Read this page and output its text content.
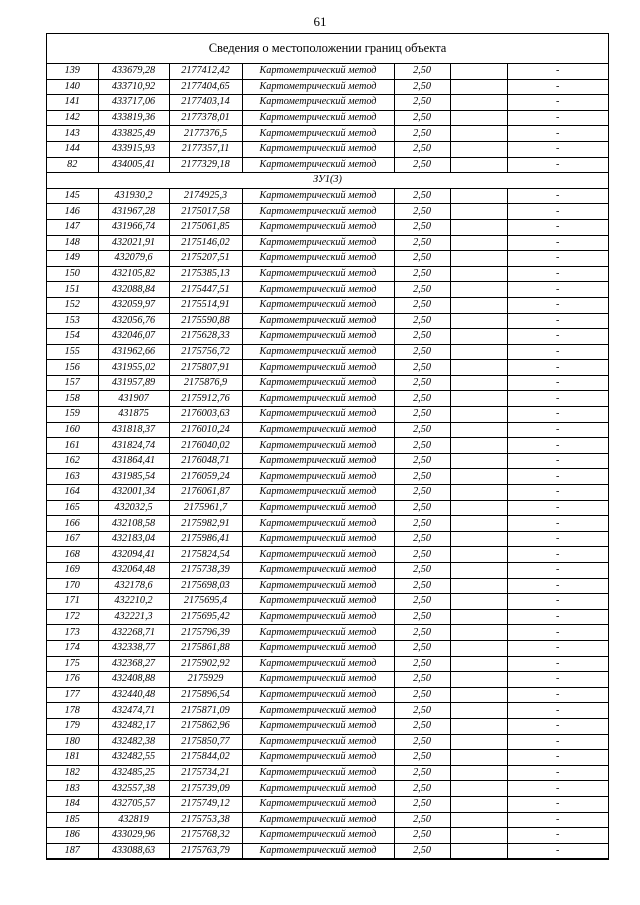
61
Сведения о местоположении границ объекта
139	433679,28	2177412,42	Картометрический метод	2,50		-
140	433710,92	2177404,65	Картометрический метод	2,50		-
141	433717,06	2177403,14	Картометрический метод	2,50		-
142	433819,36	2177378,01	Картометрический метод	2,50		-
143	433825,49	2177376,5	Картометрический метод	2,50		-
144	433915,93	2177357,11	Картометрический метод	2,50		-
82	434005,41	2177329,18	Картометрический метод	2,50		-
ЗУ1(3)						
145	431930,2	2174925,3	Картометрический метод	2,50		-
146	431967,28	2175017,58	Картометрический метод	2,50		-
147	431966,74	2175061,85	Картометрический метод	2,50		-
148	432021,91	2175146,02	Картометрический метод	2,50		-
149	432079,6	2175207,51	Картометрический метод	2,50		-
150	432105,82	2175385,13	Картометрический метод	2,50		-
151	432088,84	2175447,51	Картометрический метод	2,50		-
152	432059,97	2175514,91	Картометрический метод	2,50		-
153	432056,76	2175590,88	Картометрический метод	2,50		-
154	432046,07	2175628,33	Картометрический метод	2,50		-
155	431962,66	2175756,72	Картометрический метод	2,50		-
156	431955,02	2175807,91	Картометрический метод	2,50		-
157	431957,89	2175876,9	Картометрический метод	2,50		-
158	431907	2175912,76	Картометрический метод	2,50		-
159	431875	2176003,63	Картометрический метод	2,50		-
160	431818,37	2176010,24	Картометрический метод	2,50		-
161	431824,74	2176040,02	Картометрический метод	2,50		-
162	431864,41	2176048,71	Картометрический метод	2,50		-
163	431985,54	2176059,24	Картометрический метод	2,50		-
164	432001,34	2176061,87	Картометрический метод	2,50		-
165	432032,5	2175961,7	Картометрический метод	2,50		-
166	432108,58	2175982,91	Картометрический метод	2,50		-
167	432183,04	2175986,41	Картометрический метод	2,50		-
168	432094,41	2175824,54	Картометрический метод	2,50		-
169	432064,48	2175738,39	Картометрический метод	2,50		-
170	432178,6	2175698,03	Картометрический метод	2,50		-
171	432210,2	2175695,4	Картометрический метод	2,50		-
172	432221,3	2175695,42	Картометрический метод	2,50		-
173	432268,71	2175796,39	Картометрический метод	2,50		-
174	432338,77	2175861,88	Картометрический метод	2,50		-
175	432368,27	2175902,92	Картометрический метод	2,50		-
176	432408,88	2175929	Картометрический метод	2,50		-
177	432440,48	2175896,54	Картометрический метод	2,50		-
178	432474,71	2175871,09	Картометрический метод	2,50		-
179	432482,17	2175862,96	Картометрический метод	2,50		-
180	432482,38	2175850,77	Картометрический метод	2,50		-
181	432482,55	2175844,02	Картометрический метод	2,50		-
182	432485,25	2175734,21	Картометрический метод	2,50		-
183	432557,38	2175739,09	Картометрический метод	2,50		-
184	432705,57	2175749,12	Картометрический метод	2,50		-
185	432819	2175753,38	Картометрический метод	2,50		-
186	433029,96	2175768,32	Картометрический метод	2,50		-
187	433088,63	2175763,79	Картометрический метод	2,50		-
